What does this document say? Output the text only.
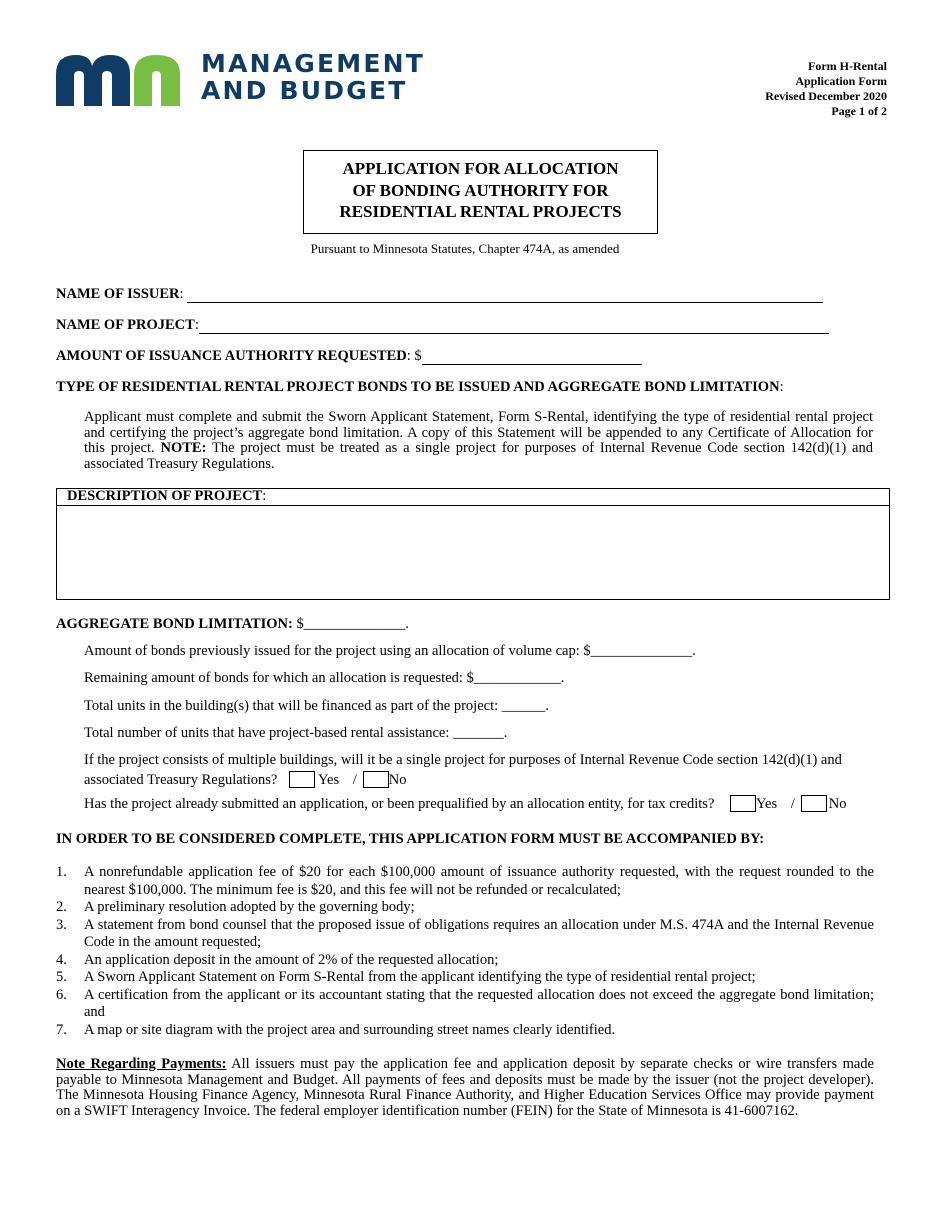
MANAGEMENT
AND BUDGET
Form H-Rental
Application Form
Revised December 2020
Page 1 of 2
APPLICATION FOR ALLOCATION
OF BONDING AUTHORITY FOR
RESIDENTIAL RENTAL PROJECTS
Pursuant to Minnesota Statutes, Chapter 474A, as amended
NAME OF ISSUER:
NAME OF PROJECT:
AMOUNT OF ISSUANCE AUTHORITY REQUESTED: $
TYPE OF RESIDENTIAL RENTAL PROJECT BONDS TO BE ISSUED AND AGGREGATE BOND LIMITATION:
Applicant must complete and submit the Sworn Applicant Statement, Form S-Rental, identifying the type of residential rental project and certifying the project’s aggregate bond limitation. A copy of this Statement will be appended to any Certificate of Allocation for this project. NOTE: The project must be treated as a single project for purposes of Internal Revenue Code section 142(d)(1) and associated Treasury Regulations.
DESCRIPTION OF PROJECT:
AGGREGATE BOND LIMITATION: $______________.
Amount of bonds previously issued for the project using an allocation of volume cap: $______________.
Remaining amount of bonds for which an allocation is requested: $____________.
Total units in the building(s) that will be financed as part of the project: ______.
Total number of units that have project-based rental assistance: _______.
If the project consists of multiple buildings, will it be a single project for purposes of Internal Revenue Code section 142(d)(1) and
associated Treasury Regulations?	Yes / No
Has the project already submitted an application, or been prequalified by an allocation entity, for tax credits?	Yes / No
IN ORDER TO BE CONSIDERED COMPLETE, THIS APPLICATION FORM MUST BE ACCOMPANIED BY:
1.	A nonrefundable application fee of $20 for each $100,000 amount of issuance authority requested, with the request rounded to the nearest $100,000. The minimum fee is $20, and this fee will not be refunded or recalculated;
2.	A preliminary resolution adopted by the governing body;
3.	A statement from bond counsel that the proposed issue of obligations requires an allocation under M.S. 474A and the Internal Revenue Code in the amount requested;
4.	An application deposit in the amount of 2% of the requested allocation;
5.	A Sworn Applicant Statement on Form S-Rental from the applicant identifying the type of residential rental project;
6.	A certification from the applicant or its accountant stating that the requested allocation does not exceed the aggregate bond limitation; and
7.	A map or site diagram with the project area and surrounding street names clearly identified.
Note Regarding Payments: All issuers must pay the application fee and application deposit by separate checks or wire transfers made payable to Minnesota Management and Budget. All payments of fees and deposits must be made by the issuer (not the project developer). The Minnesota Housing Finance Agency, Minnesota Rural Finance Authority, and Higher Education Services Office may provide payment on a SWIFT Interagency Invoice. The federal employer identification number (FEIN) for the State of Minnesota is 41-6007162.
